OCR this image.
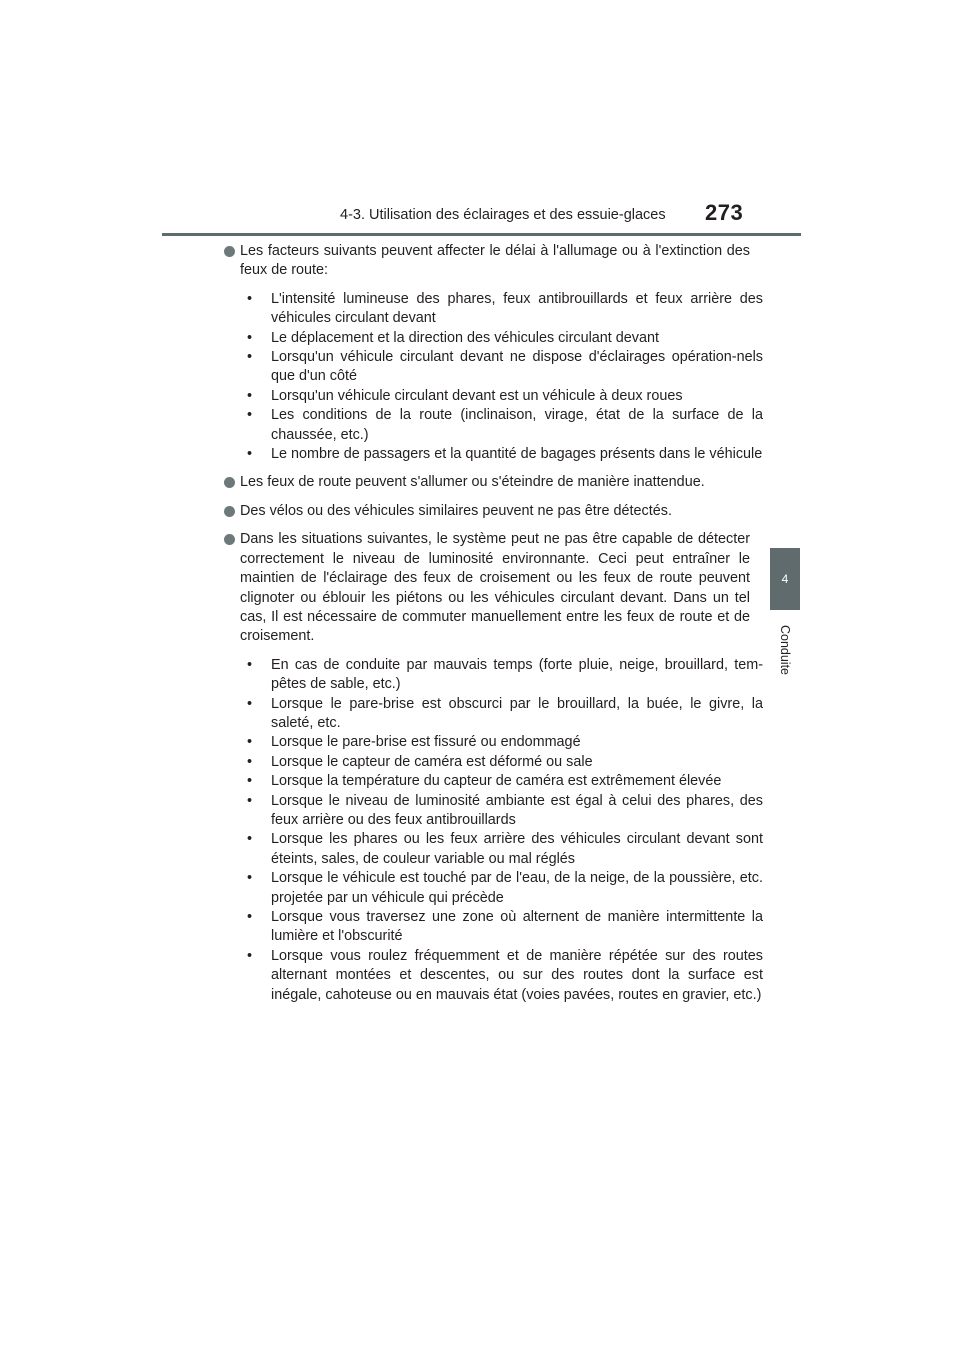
4-3. Utilisation des éclairages et des essuie-glaces 273
4
Conduite
Les facteurs suivants peuvent affecter le délai à l'allumage ou à l'extinction des feux de route:
• L'intensité lumineuse des phares, feux antibrouillards et feux arrière des véhicules circulant devant
• Le déplacement et la direction des véhicules circulant devant
• Lorsqu'un véhicule circulant devant ne dispose d'éclairages opération-nels que d'un côté
• Lorsqu'un véhicule circulant devant est un véhicule à deux roues
• Les conditions de la route (inclinaison, virage, état de la surface de la chaussée, etc.)
• Le nombre de passagers et la quantité de bagages présents dans le véhicule
Les feux de route peuvent s'allumer ou s'éteindre de manière inattendue.
Des vélos ou des véhicules similaires peuvent ne pas être détectés.
Dans les situations suivantes, le système peut ne pas être capable de détecter correctement le niveau de luminosité environnante. Ceci peut entraîner le maintien de l'éclairage des feux de croisement ou les feux de route peuvent clignoter ou éblouir les piétons ou les véhicules circulant devant. Dans un tel cas, Il est nécessaire de commuter manuellement entre les feux de route et de croisement.
• En cas de conduite par mauvais temps (forte pluie, neige, brouillard, tem-pêtes de sable, etc.)
• Lorsque le pare-brise est obscurci par le brouillard, la buée, le givre, la saleté, etc.
• Lorsque le pare-brise est fissuré ou endommagé
• Lorsque le capteur de caméra est déformé ou sale
• Lorsque la température du capteur de caméra est extrêmement élevée
• Lorsque le niveau de luminosité ambiante est égal à celui des phares, des feux arrière ou des feux antibrouillards
• Lorsque les phares ou les feux arrière des véhicules circulant devant sont éteints, sales, de couleur variable ou mal réglés
• Lorsque le véhicule est touché par de l'eau, de la neige, de la poussière, etc. projetée par un véhicule qui précède
• Lorsque vous traversez une zone où alternent de manière intermittente la lumière et l'obscurité
• Lorsque vous roulez fréquemment et de manière répétée sur des routes alternant montées et descentes, ou sur des routes dont la surface est inégale, cahoteuse ou en mauvais état (voies pavées, routes en gravier, etc.)
